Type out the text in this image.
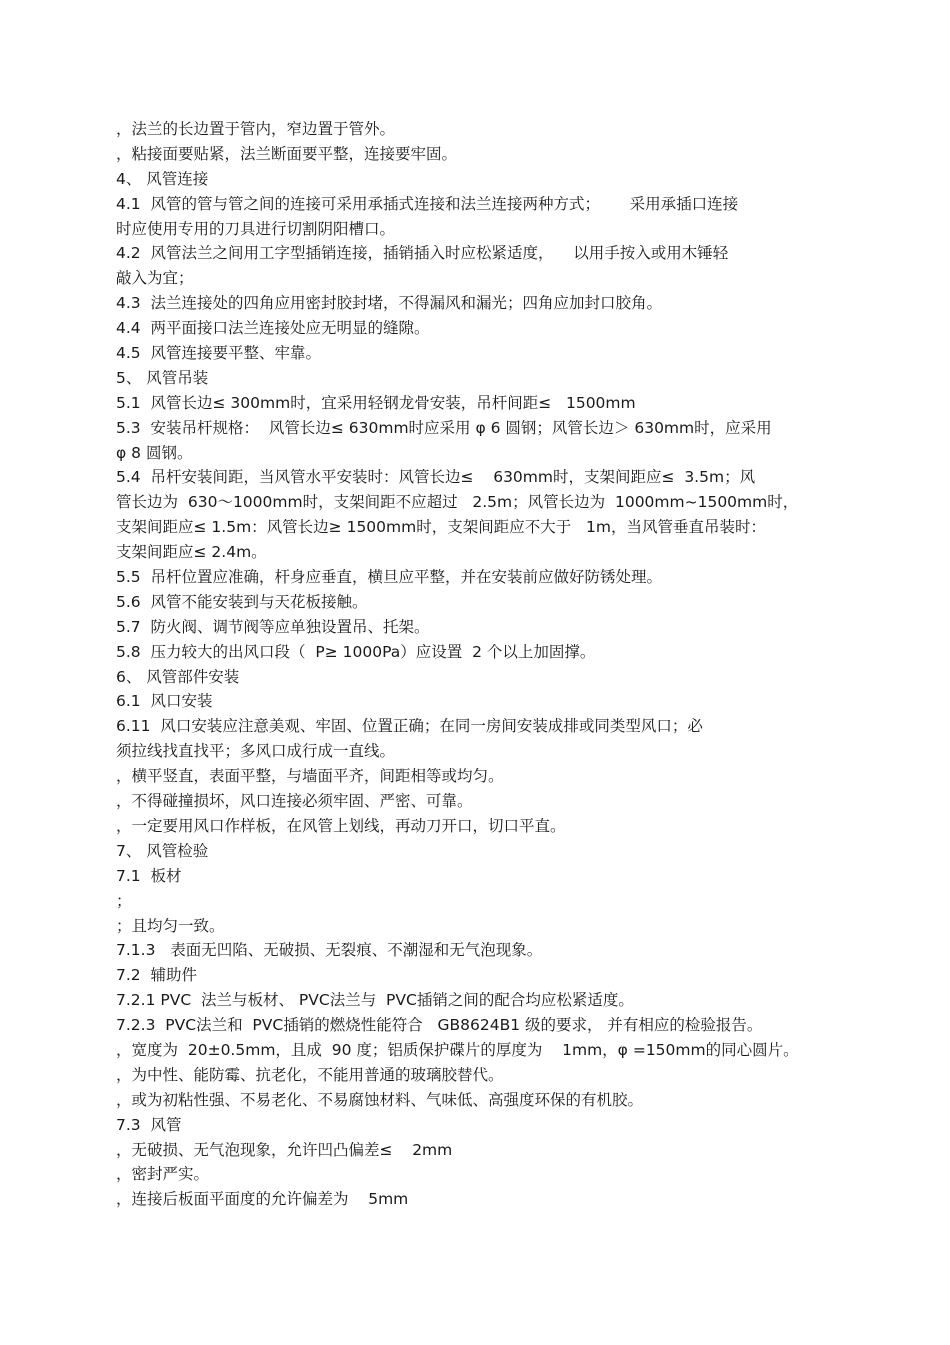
，法兰的长边置于管内，窄边置于管外。
，粘接面要贴紧，法兰断面要平整，连接要牢固。
4、 风管连接
4.1  风管的管与管之间的连接可采用承插式连接和法兰连接两种方式；      采用承插口连接
时应使用专用的刀具进行切割阴阳槽口。
4.2  风管法兰之间用工字型插销连接，插销插入时应松紧适度，    以用手按入或用木锤轻
敲入为宜；
4.3  法兰连接处的四角应用密封胶封堵，不得漏风和漏光；四角应加封口胶角。
4.4  两平面接口法兰连接处应无明显的缝隙。
4.5  风管连接要平整、牢靠。
5、 风管吊装
5.1  风管长边≤ 300mm时，宜采用轻钢龙骨安装，吊杆间距≤   1500mm
5.3  安装吊杆规格：  风管长边≤ 630mm时应采用 φ 6 圆钢；风管长边＞ 630mm时，应采用
φ 8 圆钢。
5.4  吊杆安装间距，当风管水平安装时：风管长边≤    630mm时，支架间距应≤  3.5m；风
管长边为  630～1000mm时，支架间距不应超过   2.5m；风管长边为  1000mm~1500mm时，
支架间距应≤ 1.5m：风管长边≥ 1500mm时，支架间距应不大于   1m，当风管垂直吊装时：
支架间距应≤ 2.4m。
5.5  吊杆位置应准确，杆身应垂直，横旦应平整，并在安装前应做好防锈处理。
5.6  风管不能安装到与天花板接触。
5.7  防火阀、调节阀等应单独设置吊、托架。
5.8  压力较大的出风口段（  P≥ 1000Pa）应设置  2 个以上加固撑。
6、 风管部件安装
6.1  风口安装
6.11  风口安装应注意美观、牢固、位置正确；在同一房间安装成排或同类型风口；必
须拉线找直找平；多风口成行成一直线。
，横平竖直，表面平整，与墙面平齐，间距相等或均匀。
，不得碰撞损坏，风口连接必须牢固、严密、可靠。
，一定要用风口作样板，在风管上划线，再动刀开口，切口平直。
7、 风管检验
7.1  板材
；
；且均匀一致。
7.1.3   表面无凹陷、无破损、无裂痕、不潮湿和无气泡现象。
7.2  辅助件
7.2.1 PVC  法兰与板材、 PVC法兰与  PVC插销之间的配合均应松紧适度。
7.2.3  PVC法兰和  PVC插销的燃烧性能符合   GB8624B1 级的要求， 并有相应的检验报告。
，宽度为  20±0.5mm，且成  90 度；铝质保护碟片的厚度为    1mm，φ =150mm的同心圆片。
，为中性、能防霉、抗老化，不能用普通的玻璃胶替代。
，或为初粘性强、不易老化、不易腐蚀材料、气味低、高强度环保的有机胶。
7.3  风管
，无破损、无气泡现象，允许凹凸偏差≤    2mm
，密封严实。
，连接后板面平面度的允许偏差为    5mm
